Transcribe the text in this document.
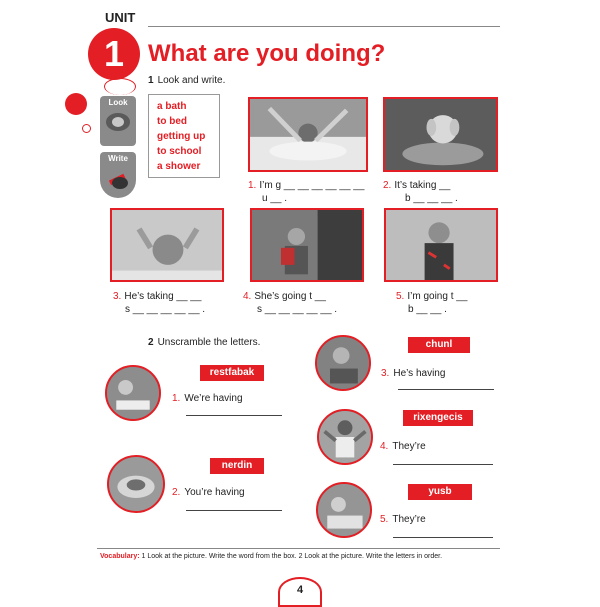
UNIT
1 What are you doing?
Look
Write
1 Look and write.
a bath
to bed
getting up
to school
a shower
1. I’m g __ __ __ __ __ __
u __ .
2. It’s taking __
b __ __ __ .
3. He’s taking __ __
s __ __ __ __ __ .
4. She’s going t __
s __ __ __ __ __ .
5. I’m going t __
b __ __ .
2 Unscramble the letters.
restfabak
1. We’re having
nerdin
2. You’re having
chunl
3. He’s having
rixengecis
4. They’re
yusb
5. They’re
Vocabulary: 1 Look at the picture. Write the word from the box. 2 Look at the picture. Write the letters in order.
4
